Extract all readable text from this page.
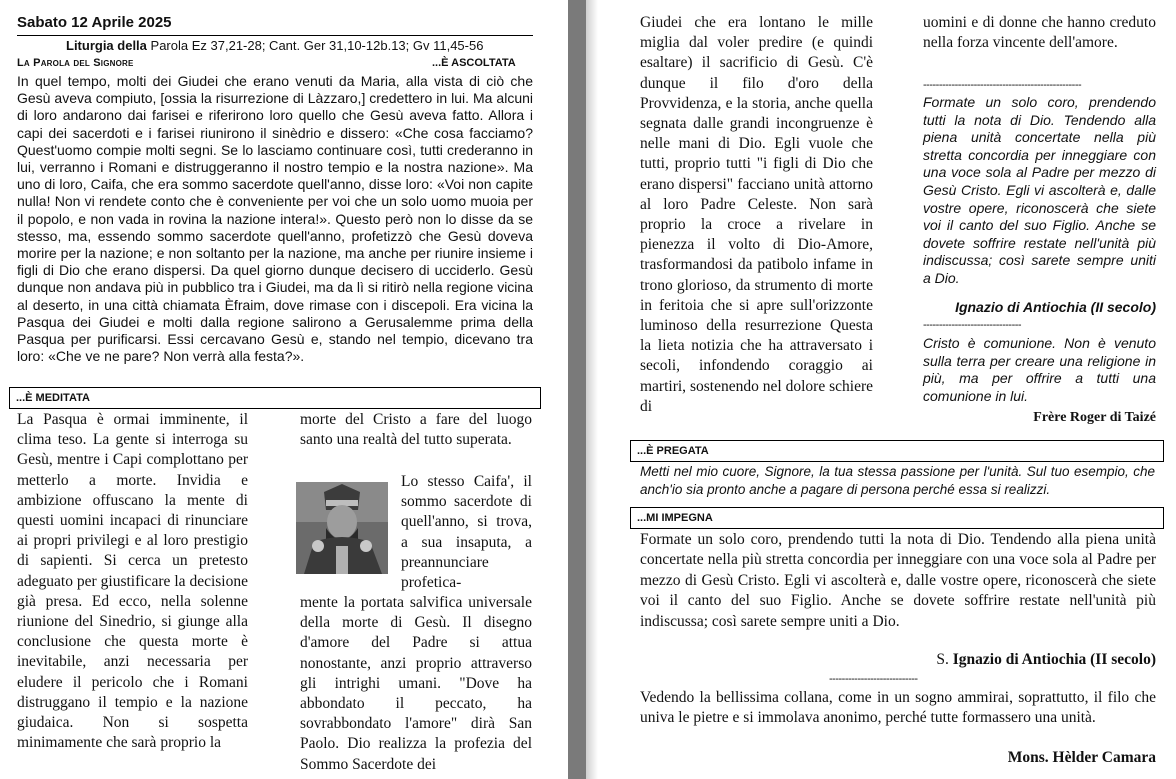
Sabato 12 Aprile 2025
Liturgia della Parola Ez 37,21-28; Cant. Ger 31,10-12b.13; Gv 11,45-56
La Parola del Signore	...È ASCOLTATA
In quel tempo, molti dei Giudei che erano venuti da Maria, alla vista di ciò che Gesù aveva compiuto, [ossia la risurrezione di Làzzaro,] credettero in lui. Ma alcuni di loro andarono dai farisei e riferirono loro quello che Gesù aveva fatto. Allora i capi dei sacerdoti e i farisei riunirono il sinèdrio e dissero: «Che cosa facciamo? Quest'uomo compie molti segni. Se lo lasciamo continuare così, tutti crederanno in lui, verranno i Romani e distruggeranno il nostro tempio e la nostra nazione». Ma uno di loro, Caifa, che era sommo sacerdote quell'anno, disse loro: «Voi non capite nulla! Non vi rendete conto che è conveniente per voi che un solo uomo muoia per il popolo, e non vada in rovina la nazione intera!». Questo però non lo disse da se stesso, ma, essendo sommo sacerdote quell'anno, profetizzò che Gesù doveva morire per la nazione; e non soltanto per la nazione, ma anche per riunire insieme i figli di Dio che erano dispersi. Da quel giorno dunque decisero di ucciderlo. Gesù dunque non andava più in pubblico tra i Giudei, ma da lì si ritirò nella regione vicina al deserto, in una città chiamata Èfraim, dove rimase con i discepoli. Era vicina la Pasqua dei Giudei e molti dalla regione salirono a Gerusalemme prima della Pasqua per purificarsi. Essi cercavano Gesù e, stando nel tempio, dicevano tra loro: «Che ve ne pare? Non verrà alla festa?».
...È MEDITATA
La Pasqua è ormai imminente, il clima teso. La gente si interroga su Gesù, mentre i Capi complottano per metterlo a morte. Invidia e ambizione offuscano la mente di questi uomini incapaci di rinunciare ai propri privilegi e al loro prestigio di sapienti. Si cerca un pretesto adeguato per giustificare la decisione già presa. Ed ecco, nella solenne riunione del Sinedrio, si giunge alla conclusione che questa morte è inevitabile, anzi necessaria per eludere il pericolo che i Romani distruggano il tempio e la nazione giudaica. Non si sospetta minimamente che sarà proprio la
morte del Cristo a fare del luogo santo una realtà del tutto superata.
Lo stesso Caifa', il sommo sacerdote di quell'anno, si trova, a sua insaputa, a preannunciare profetica-
mente la portata salvifica universale della morte di Gesù. Il disegno d'amore del Padre si attua nonostante, anzi proprio attraverso gli intrighi umani. "Dove ha abbondato il peccato, ha sovrabbondato l'amore" dirà San Paolo. Dio realizza la profezia del Sommo Sacerdote dei
Giudei che era lontano le mille miglia dal voler predire (e quindi esaltare) il sacrificio di Gesù. C'è dunque il filo d'oro della Provvidenza, e la storia, anche quella segnata dalle grandi incongruenze è nelle mani di Dio. Egli vuole che tutti, proprio tutti "i figli di Dio che erano dispersi" facciano unità attorno al loro Padre Celeste. Non sarà proprio la croce a rivelare in pienezza il volto di Dio-Amore, trasformandosi da patibolo infame in trono glorioso, da strumento di morte in feritoia che si apre sull'orizzonte luminoso della resurrezione Questa la lieta notizia che ha attraversato i secoli, infondendo coraggio ai martiri, sostenendo nel dolore schiere di
uomini e di donne che hanno creduto nella forza vincente dell'amore.
--------------------------------------------------
Formate un solo coro, prendendo tutti la nota di Dio. Tendendo alla piena unità concertate nella più stretta concordia per inneggiare con una voce sola al Padre per mezzo di Gesù Cristo. Egli vi ascolterà e, dalle vostre opere, riconoscerà che siete voi il canto del suo Figlio. Anche se dovete soffrire restate nell'unità più indiscussa; così sarete sempre uniti a Dio.
Ignazio di Antiochia (II secolo)
-------------------------------
Cristo è comunione. Non è venuto sulla terra per creare una religione in più, ma per offrire a tutti una comunione in lui.
Frère Roger di Taizé
...È PREGATA
Metti nel mio cuore, Signore, la tua stessa passione per l'unità. Sul tuo esempio, che anch'io sia pronto anche a pagare di persona perché essa si realizzi.
...MI IMPEGNA
Formate un solo coro, prendendo tutti la nota di Dio. Tendendo alla piena unità concertate nella più stretta concordia per inneggiare con una voce sola al Padre per mezzo di Gesù Cristo. Egli vi ascolterà e, dalle vostre opere, riconoscerà che siete voi il canto del suo Figlio. Anche se dovete soffrire restate nell'unità più indiscussa; così sarete sempre uniti a Dio.
S. Ignazio di Antiochia (II secolo)
----------------------------
Vedendo la bellissima collana, come in un sogno ammirai, soprattutto, il filo che univa le pietre e si immolava anonimo, perché tutte formassero una unità.
Mons. Hèlder Camara
